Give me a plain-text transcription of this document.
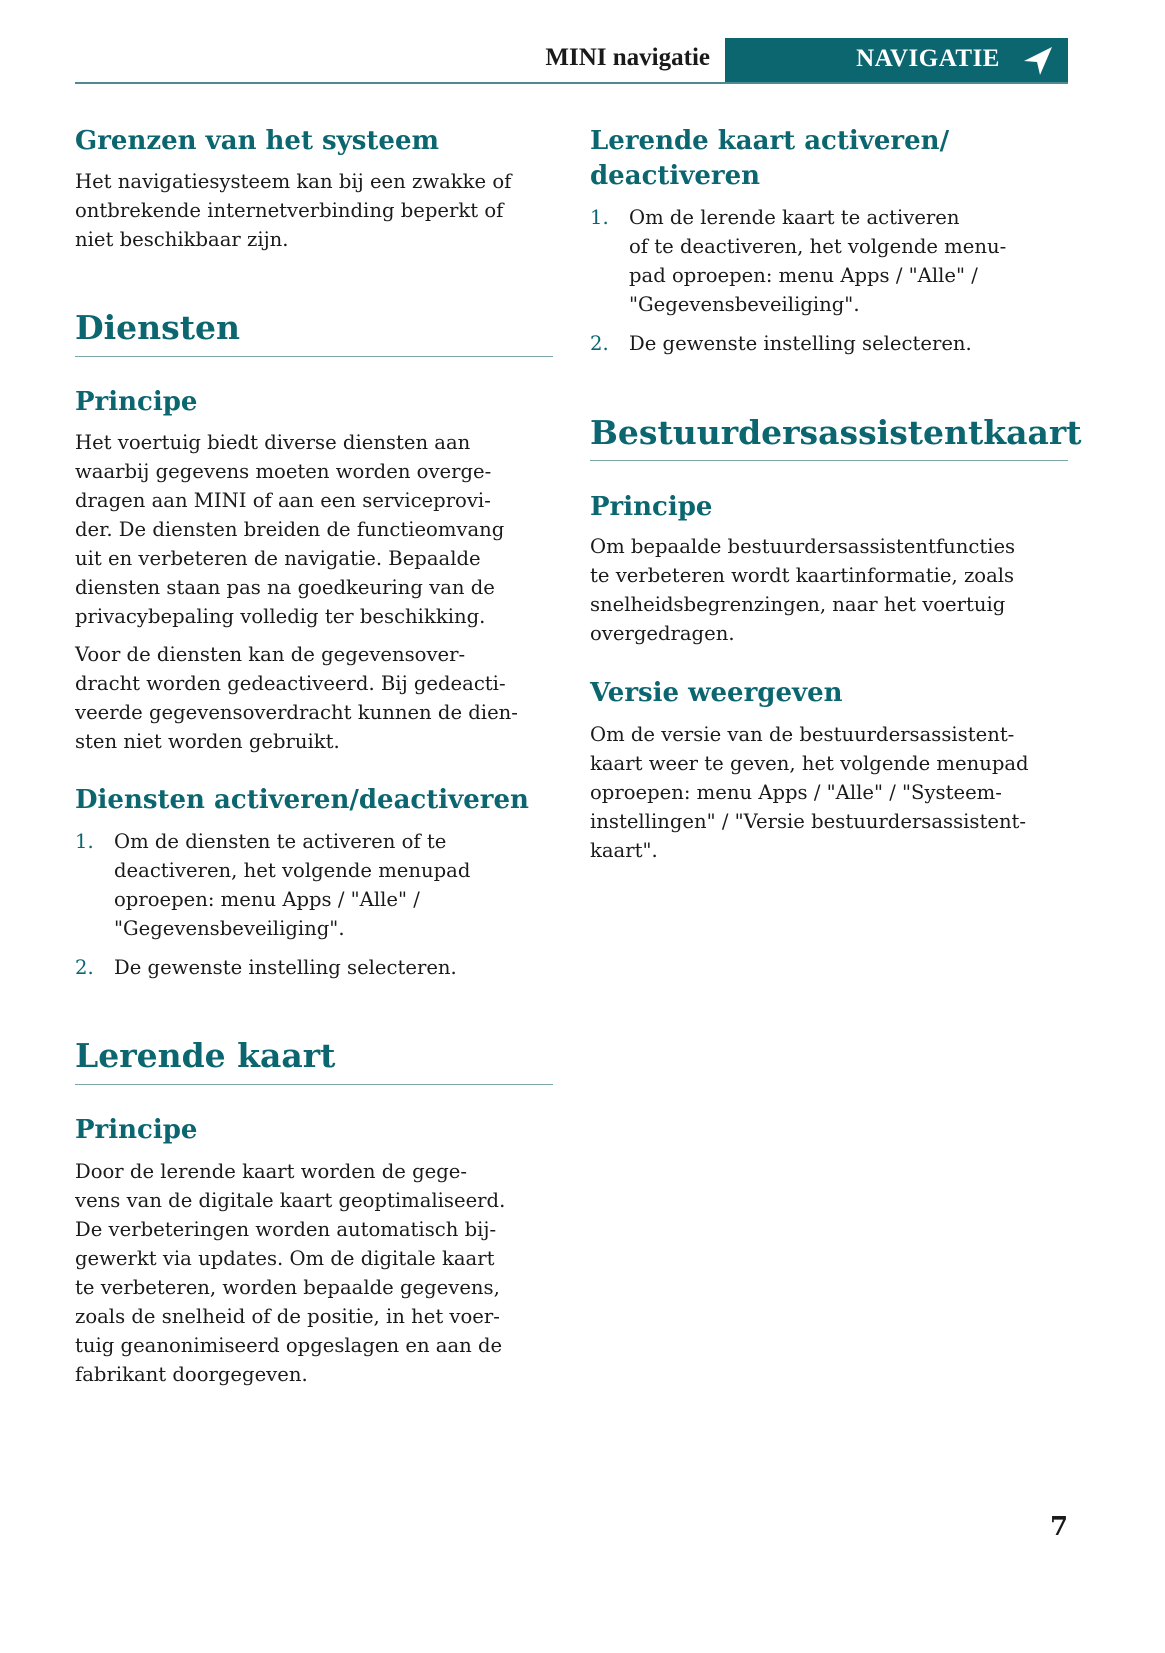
MINI navigatie	NAVIGATIE
Grenzen van het systeem
Het navigatiesysteem kan bij een zwakke of
ontbrekende internetverbinding beperkt of
niet beschikbaar zijn.
Diensten
Principe
Het voertuig biedt diverse diensten aan
waarbij gegevens moeten worden overge-
dragen aan MINI of aan een serviceprovi-
der. De diensten breiden de functieomvang
uit en verbeteren de navigatie. Bepaalde
diensten staan pas na goedkeuring van de
privacybepaling volledig ter beschikking.
Voor de diensten kan de gegevensover-
dracht worden gedeactiveerd. Bij gedeacti-
veerde gegevensoverdracht kunnen de dien-
sten niet worden gebruikt.
Diensten activeren/deactiveren
1. Om de diensten te activeren of te
deactiveren, het volgende menupad
oproepen: menu Apps / "Alle" /
"Gegevensbeveiliging".
2. De gewenste instelling selecteren.
Lerende kaart
Principe
Door de lerende kaart worden de gege-
vens van de digitale kaart geoptimaliseerd.
De verbeteringen worden automatisch bij-
gewerkt via updates. Om de digitale kaart
te verbeteren, worden bepaalde gegevens,
zoals de snelheid of de positie, in het voer-
tuig geanonimiseerd opgeslagen en aan de
fabrikant doorgegeven.
Lerende kaart activeren/
deactiveren
1. Om de lerende kaart te activeren
of te deactiveren, het volgende menu-
pad oproepen: menu Apps / "Alle" /
"Gegevensbeveiliging".
2. De gewenste instelling selecteren.
Bestuurdersassistentkaart
Principe
Om bepaalde bestuurdersassistentfuncties
te verbeteren wordt kaartinformatie, zoals
snelheidsbegrenzingen, naar het voertuig
overgedragen.
Versie weergeven
Om de versie van de bestuurdersassistent-
kaart weer te geven, het volgende menupad
oproepen: menu Apps / "Alle" / "Systeem-
instellingen" / "Versie bestuurdersassistent-
kaart".
7
